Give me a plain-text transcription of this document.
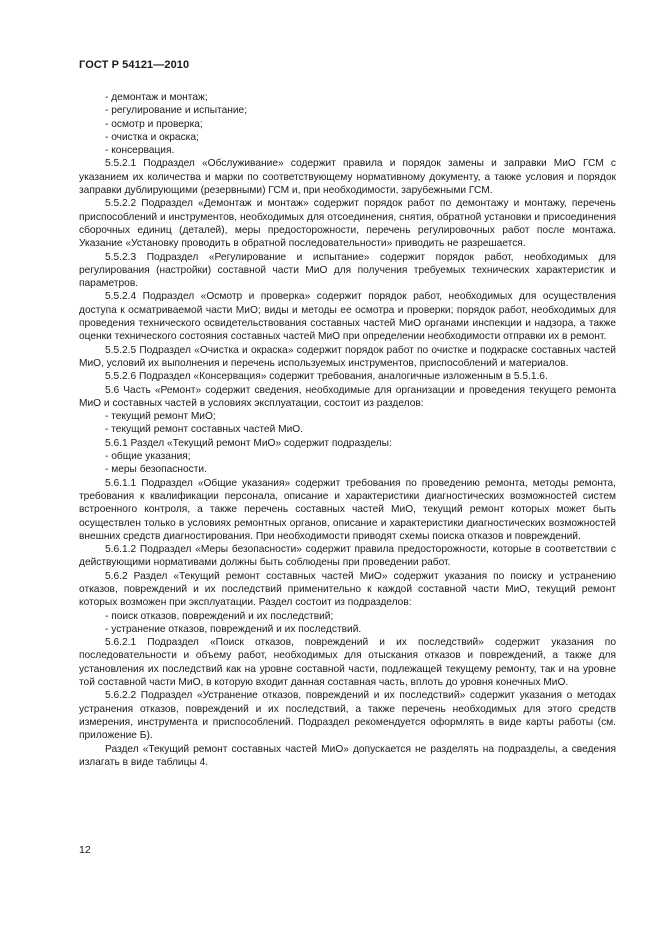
ГОСТ Р 54121—2010
- демонтаж и монтаж;
- регулирование и испытание;
- осмотр и проверка;
- очистка и окраска;
- консервация.
5.5.2.1 Подраздел «Обслуживание» содержит правила и порядок замены и заправки МиО ГСМ с указанием их количества и марки по соответствующему нормативному документу, а также условия и порядок заправки дублирующими (резервными) ГСМ и, при необходимости, зарубежными ГСМ.
5.5.2.2 Подраздел «Демонтаж и монтаж» содержит порядок работ по демонтажу и монтажу, перечень приспособлений и инструментов, необходимых для отсоединения, снятия, обратной установки и присоединения сборочных единиц (деталей), меры предосторожности, перечень регулировочных работ после монтажа. Указание «Установку проводить в обратной последовательности» приводить не разрешается.
5.5.2.3 Подраздел «Регулирование и испытание» содержит порядок работ, необходимых для регулирования (настройки) составной части МиО для получения требуемых технических характеристик и параметров.
5.5.2.4 Подраздел «Осмотр и проверка» содержит порядок работ, необходимых для осуществления доступа к осматриваемой части МиО; виды и методы ее осмотра и проверки; порядок работ, необходимых для проведения технического освидетельствования составных частей МиО органами инспекции и надзора, а также оценки технического состояния составных частей МиО при определении необходимости отправки их в ремонт.
5.5.2.5 Подраздел «Очистка и окраска» содержит порядок работ по очистке и подкраске составных частей МиО, условий их выполнения и перечень используемых инструментов, приспособлений и материалов.
5.5.2.6 Подраздел «Консервация» содержит требования, аналогичные изложенным в 5.5.1.6.
5.6 Часть «Ремонт» содержит сведения, необходимые для организации и проведения текущего ремонта МиО и составных частей в условиях эксплуатации, состоит из разделов:
- текущий ремонт МиО;
- текущий ремонт составных частей МиО.
5.6.1 Раздел «Текущий ремонт МиО» содержит подразделы:
- общие указания;
- меры безопасности.
5.6.1.1 Подраздел «Общие указания» содержит требования по проведению ремонта, методы ремонта, требования к квалификации персонала, описание и характеристики диагностических возможностей систем встроенного контроля, а также перечень составных частей МиО, текущий ремонт которых может быть осуществлен только в условиях ремонтных органов, описание и характеристики диагностических возможностей внешних средств диагностирования. При необходимости приводят схемы поиска отказов и повреждений.
5.6.1.2 Подраздел «Меры безопасности» содержит правила предосторожности, которые в соответствии с действующими нормативами должны быть соблюдены при проведении работ.
5.6.2 Раздел «Текущий ремонт составных частей МиО» содержит указания по поиску и устранению отказов, повреждений и их последствий применительно к каждой составной части МиО, текущий ремонт которых возможен при эксплуатации. Раздел состоит из подразделов:
- поиск отказов, повреждений и их последствий;
- устранение отказов, повреждений и их последствий.
5.6.2.1 Подраздел «Поиск отказов, повреждений и их последствий» содержит указания по последовательности и объему работ, необходимых для отыскания отказов и повреждений, а также для установления их последствий как на уровне составной части, подлежащей текущему ремонту, так и на уровне той составной части МиО, в которую входит данная составная часть, вплоть до уровня конечных МиО.
5.6.2.2 Подраздел «Устранение отказов, повреждений и их последствий» содержит указания о методах устранения отказов, повреждений и их последствий, а также перечень необходимых для этого средств измерения, инструмента и приспособлений. Подраздел рекомендуется оформлять в виде карты работы (см. приложение Б).
Раздел «Текущий ремонт составных частей МиО» допускается не разделять на подразделы, а сведения излагать в виде таблицы 4.
12
